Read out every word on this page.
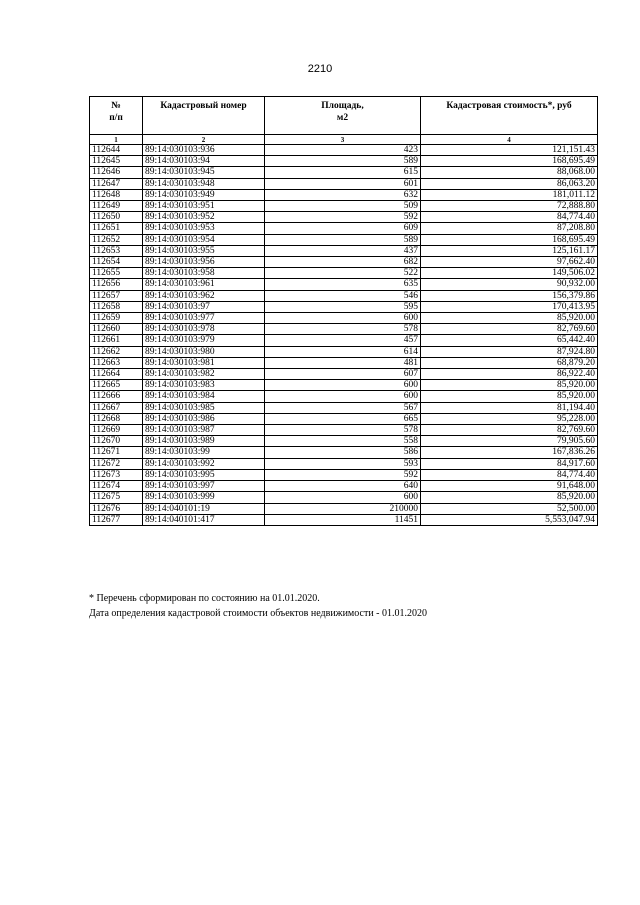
2210
№
п/п	Кадастровый номер	Площадь,
м2	Кадастровая стоимость*, руб
1	2	3	4
112644	89:14:030103:936	423	121,151.43
112645	89:14:030103:94	589	168,695.49
112646	89:14:030103:945	615	88,068.00
112647	89:14:030103:948	601	86,063.20
112648	89:14:030103:949	632	181,011.12
112649	89:14:030103:951	509	72,888.80
112650	89:14:030103:952	592	84,774.40
112651	89:14:030103:953	609	87,208.80
112652	89:14:030103:954	589	168,695.49
112653	89:14:030103:955	437	125,161.17
112654	89:14:030103:956	682	97,662.40
112655	89:14:030103:958	522	149,506.02
112656	89:14:030103:961	635	90,932.00
112657	89:14:030103:962	546	156,379.86
112658	89:14:030103:97	595	170,413.95
112659	89:14:030103:977	600	85,920.00
112660	89:14:030103:978	578	82,769.60
112661	89:14:030103:979	457	65,442.40
112662	89:14:030103:980	614	87,924.80
112663	89:14:030103:981	481	68,879.20
112664	89:14:030103:982	607	86,922.40
112665	89:14:030103:983	600	85,920.00
112666	89:14:030103:984	600	85,920.00
112667	89:14:030103:985	567	81,194.40
112668	89:14:030103:986	665	95,228.00
112669	89:14:030103:987	578	82,769.60
112670	89:14:030103:989	558	79,905.60
112671	89:14:030103:99	586	167,836.26
112672	89:14:030103:992	593	84,917.60
112673	89:14:030103:995	592	84,774.40
112674	89:14:030103:997	640	91,648.00
112675	89:14:030103:999	600	85,920.00
112676	89:14:040101:19	210000	52,500.00
112677	89:14:040101:417	11451	5,553,047.94
* Перечень сформирован по состоянию на 01.01.2020.
Дата определения кадастровой стоимости объектов недвижимости - 01.01.2020
